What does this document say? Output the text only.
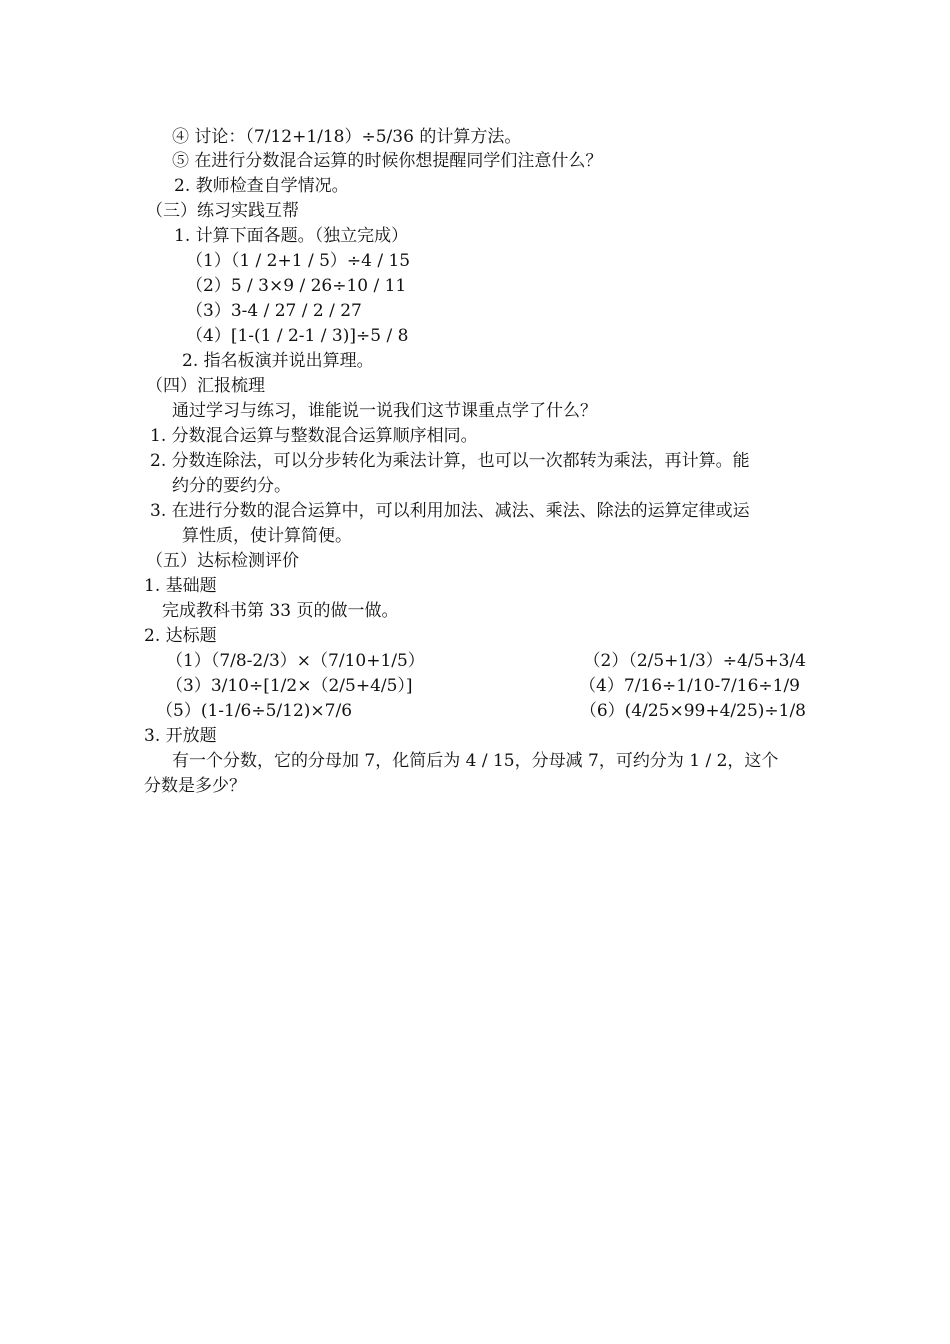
④ 讨论：（7/12+1/18）÷5/36 的计算方法。
⑤ 在进行分数混合运算的时候你想提醒同学们注意什么？
2. 教师检查自学情况。
（三）练习实践互帮
1. 计算下面各题。（独立完成）
（1）（1 / 2+1 / 5）÷4 / 15
（2）5 / 3×9 / 26÷10 / 11
（3）3-4 / 27 / 2 / 27
（4）[1-(1 / 2-1 / 3)]÷5 / 8
2. 指名板演并说出算理。
（四）汇报梳理
通过学习与练习，谁能说一说我们这节课重点学了什么？
1. 分数混合运算与整数混合运算顺序相同。
2. 分数连除法，可以分步转化为乘法计算，也可以一次都转为乘法，再计算。能
约分的要约分。
3. 在进行分数的混合运算中，可以利用加法、减法、乘法、除法的运算定律或运
算性质，使计算简便。
（五）达标检测评价
1. 基础题
完成教科书第 33 页的做一做。
2. 达标题
（1）（7/8-2/3）×（7/10+1/5）	（2）（2/5+1/3）÷4/5+3/4
（3）3/10÷[1/2×（2/5+4/5）]	（4）7/16÷1/10-7/16÷1/9
（5）(1-1/6÷5/12)×7/6	（6）(4/25×99+4/25)÷1/8
3. 开放题
有一个分数，它的分母加 7，化简后为 4 / 15，分母减 7，可约分为 1 / 2，这个
分数是多少？
